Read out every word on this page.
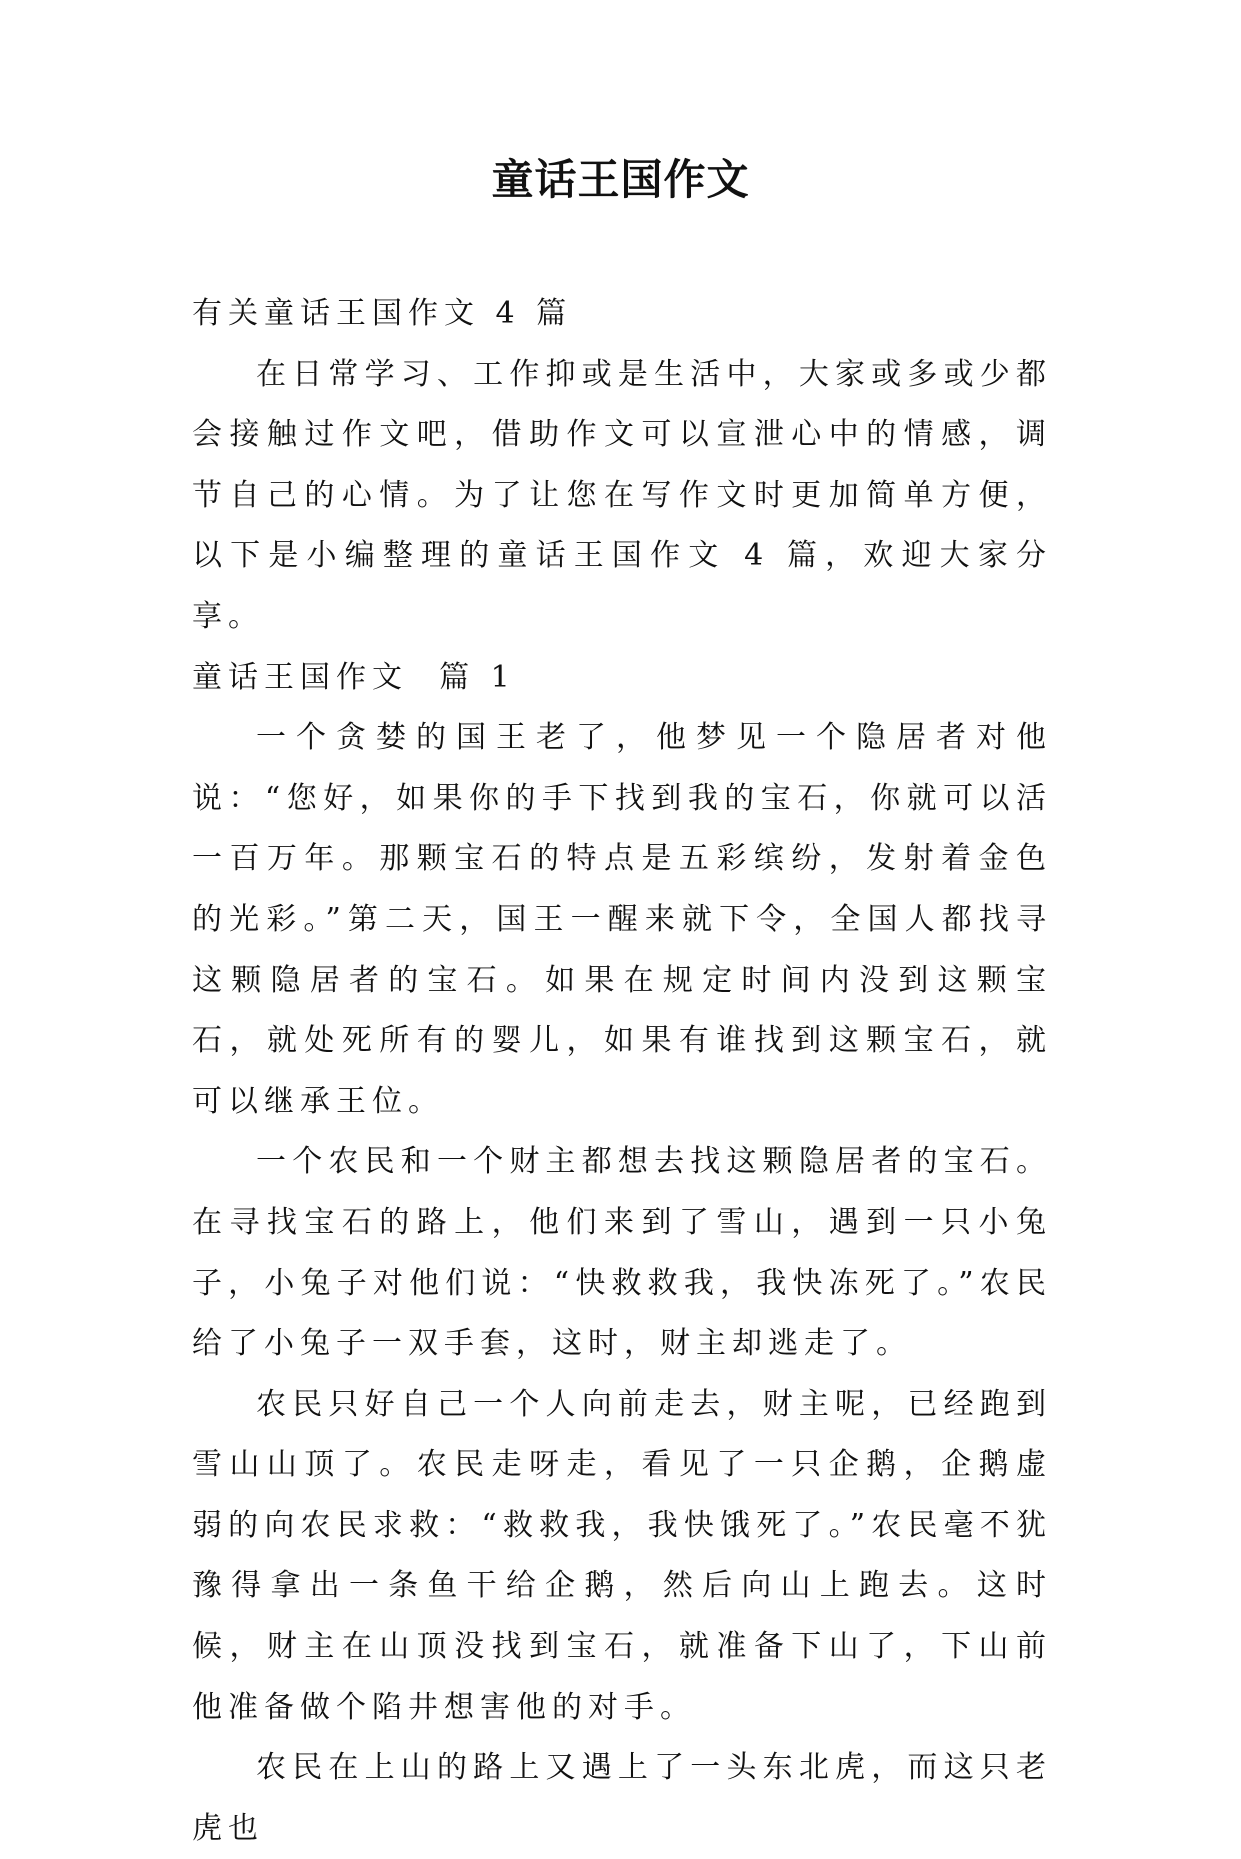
童话王国作文

有关童话王国作文 4 篇

在日常学习、工作抑或是生活中，大家或多或少都会接触过作文吧，借助作文可以宣泄心中的情感，调节自己的心情。为了让您在写作文时更加简单方便，以下是小编整理的童话王国作文 4 篇，欢迎大家分享。

童话王国作文  篇 1

一个贪婪的国王老了，他梦见一个隐居者对他说：“您好，如果你的手下找到我的宝石，你就可以活一百万年。那颗宝石的特点是五彩缤纷，发射着金色的光彩。”第二天，国王一醒来就下令，全国人都找寻这颗隐居者的宝石。如果在规定时间内没到这颗宝石，就处死所有的婴儿，如果有谁找到这颗宝石，就可以继承王位。

一个农民和一个财主都想去找这颗隐居者的宝石。在寻找宝石的路上，他们来到了雪山，遇到一只小兔子，小兔子对他们说：“快救救我，我快冻死了。”农民给了小兔子一双手套，这时，财主却逃走了。

农民只好自己一个人向前走去，财主呢，已经跑到雪山山顶了。农民走呀走，看见了一只企鹅，企鹅虚弱的向农民求救：“救救我，我快饿死了。”农民毫不犹豫得拿出一条鱼干给企鹅，然后向山上跑去。这时候，财主在山顶没找到宝石，就准备下山了，下山前他准备做个陷井想害他的对手。

农民在上山的路上又遇上了一头东北虎，而这只老虎也
